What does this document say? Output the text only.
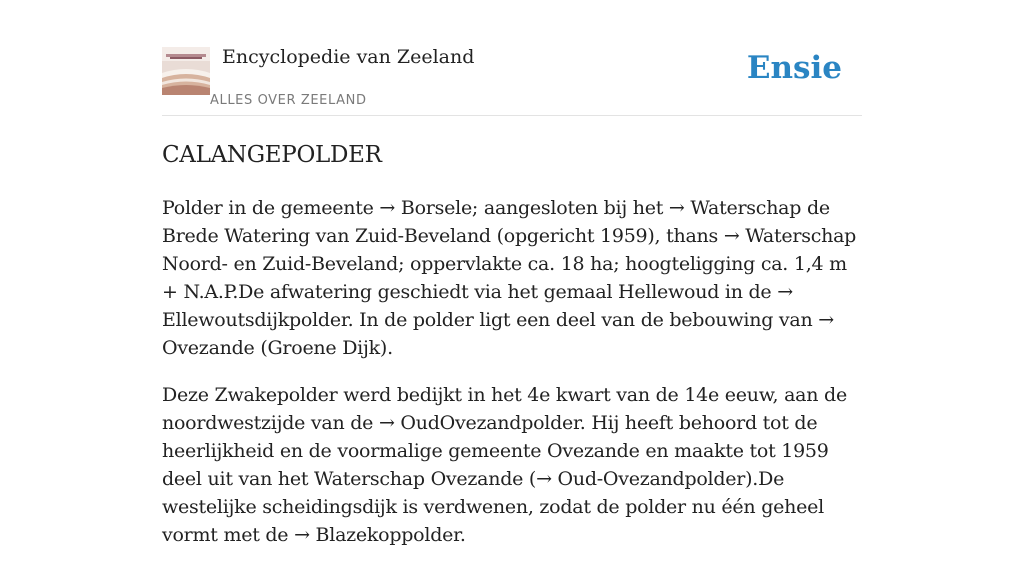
Encyclopedie van Zeeland
ALLES OVER ZEELAND
Ensie
CALANGEPOLDER

Polder in de gemeente → Borsele; aangesloten bij het → Waterschap de Brede Watering van Zuid-Beveland (opgericht 1959), thans → Waterschap Noord- en Zuid-Beveland; oppervlakte ca. 18 ha; hoogteligging ca. 1,4 m + N.A.P.De afwatering geschiedt via het gemaal Hellewoud in de → Ellewoutsdijkpolder. In de polder ligt een deel van de bebouwing van → Ovezande (Groene Dijk).

Deze Zwakepolder werd bedijkt in het 4e kwart van de 14e eeuw, aan de noordwestzijde van de → OudOvezandpolder. Hij heeft behoord tot de heerlijkheid en de voormalige gemeente Ovezande en maakte tot 1959 deel uit van het Waterschap Ovezande (→ Oud-Ovezandpolder).De westelijke scheidingsdijk is verdwenen, zodat de polder nu één geheel vormt met de → Blazekoppolder.
